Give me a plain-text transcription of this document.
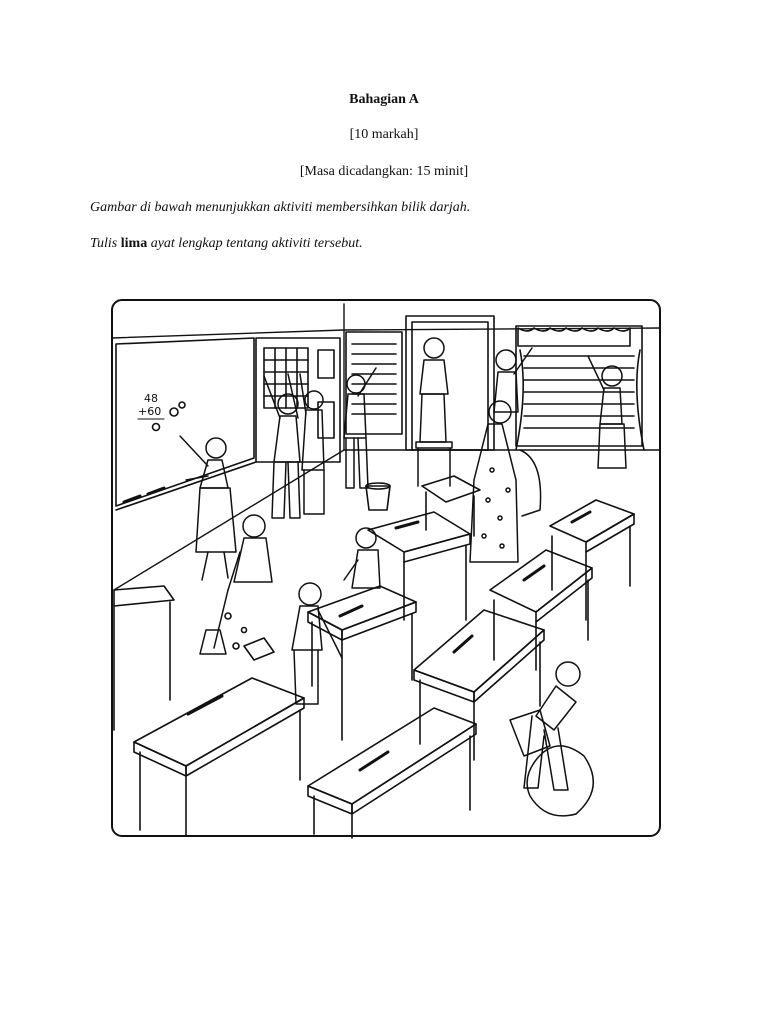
Bahagian A
[10 markah]
[Masa dicadangkan: 15 minit]
Gambar di bawah menunjukkan aktiviti membersihkan bilik darjah.
Tulis lima ayat lengkap tentang aktiviti tersebut.
48
+60
